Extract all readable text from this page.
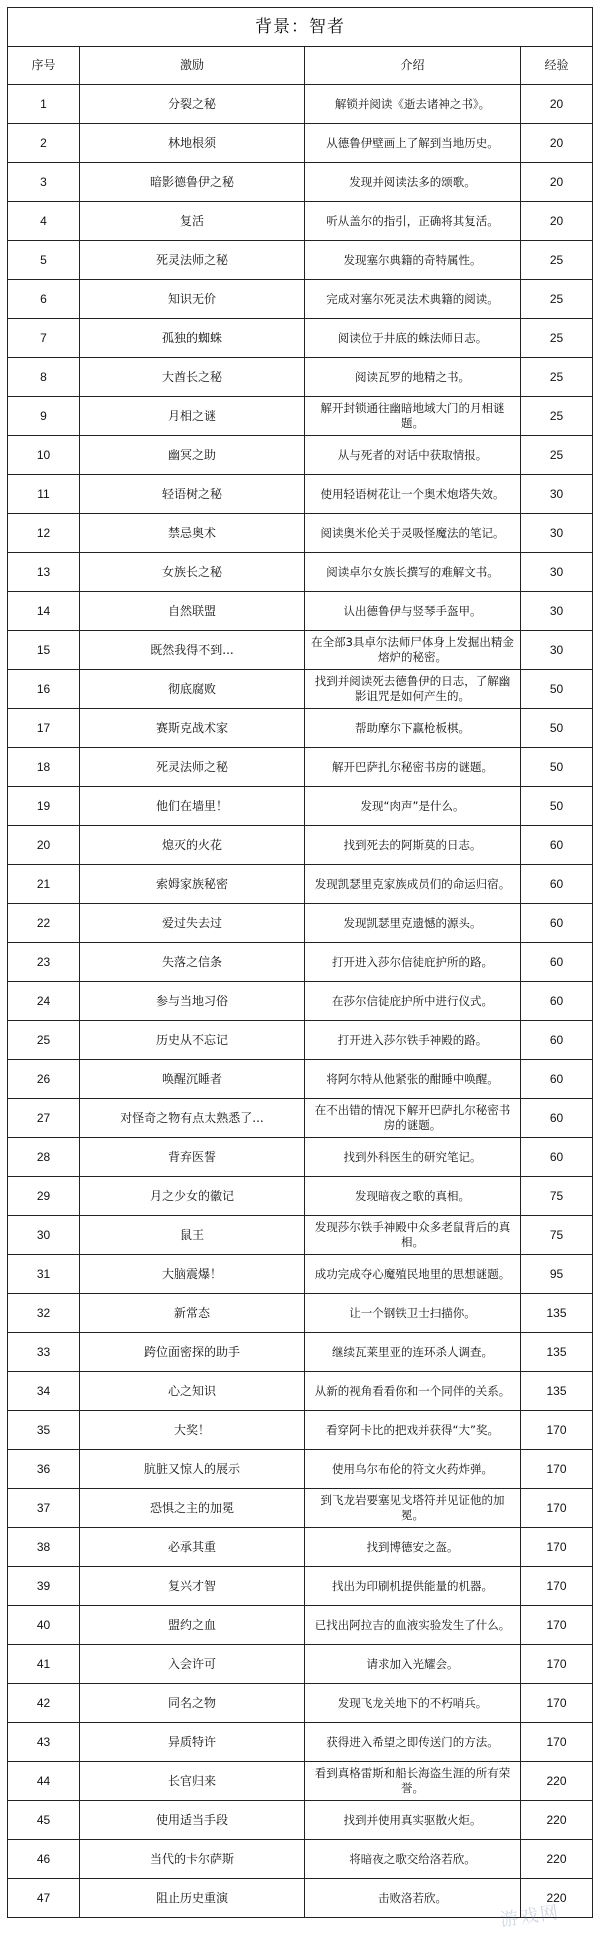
背景：智者			
序号	激励	介绍	经验
1	分裂之秘	解锁并阅读《逝去诸神之书》。	20
2	林地根须	从德鲁伊壁画上了解到当地历史。	20
3	暗影德鲁伊之秘	发现并阅读法多的颂歌。	20
4	复活	听从盖尔的指引，正确将其复活。	20
5	死灵法师之秘	发现塞尔典籍的奇特属性。	25
6	知识无价	完成对塞尔死灵法术典籍的阅读。	25
7	孤独的蜘蛛	阅读位于井底的蛛法师日志。	25
8	大酋长之秘	阅读瓦罗的地精之书。	25
9	月相之谜	解开封锁通往幽暗地域大门的月相谜题。	25
10	幽冥之助	从与死者的对话中获取情报。	25
11	轻语树之秘	使用轻语树花让一个奥术炮塔失效。	30
12	禁忌奥术	阅读奥米伦关于灵吸怪魔法的笔记。	30
13	女族长之秘	阅读卓尔女族长撰写的难解文书。	30
14	自然联盟	认出德鲁伊与竖琴手盔甲。	30
15	既然我得不到...	在全部3具卓尔法师尸体身上发掘出精金熔炉的秘密。	30
16	彻底腐败	找到并阅读死去德鲁伊的日志，了解幽影诅咒是如何产生的。	50
17	赛斯克战术家	帮助摩尔下赢枪板棋。	50
18	死灵法师之秘	解开巴萨扎尔秘密书房的谜题。	50
19	他们在墙里！	发现“肉声”是什么。	50
20	熄灭的火花	找到死去的阿斯莫的日志。	60
21	索姆家族秘密	发现凯瑟里克家族成员们的命运归宿。	60
22	爱过失去过	发现凯瑟里克遗憾的源头。	60
23	失落之信条	打开进入莎尔信徒庇护所的路。	60
24	参与当地习俗	在莎尔信徒庇护所中进行仪式。	60
25	历史从不忘记	打开进入莎尔铁手神殿的路。	60
26	唤醒沉睡者	将阿尔特从他紧张的酣睡中唤醒。	60
27	对怪奇之物有点太熟悉了...	在不出错的情况下解开巴萨扎尔秘密书房的谜题。	60
28	背弃医誓	找到外科医生的研究笔记。	60
29	月之少女的徽记	发现暗夜之歌的真相。	75
30	鼠王	发现莎尔铁手神殿中众多老鼠背后的真相。	75
31	大脑震爆！	成功完成夺心魔殖民地里的思想谜题。	95
32	新常态	让一个钢铁卫士扫描你。	135
33	跨位面密探的助手	继续瓦莱里亚的连环杀人调查。	135
34	心之知识	从新的视角看看你和一个同伴的关系。	135
35	大奖！	看穿阿卡比的把戏并获得“大”奖。	170
36	肮脏又惊人的展示	使用乌尔布伦的符文火药炸弹。	170
37	恐惧之主的加冕	到飞龙岩要塞见戈塔符并见证他的加冕。	170
38	必承其重	找到博德安之盔。	170
39	复兴才智	找出为印刷机提供能量的机器。	170
40	盟约之血	已找出阿拉吉的血液实验发生了什么。	170
41	入会许可	请求加入光耀会。	170
42	同名之物	发现飞龙关地下的不朽哨兵。	170
43	异质特许	获得进入希望之即传送门的方法。	170
44	长官归来	看到真格雷斯和船长海盗生涯的所有荣誉。	220
45	使用适当手段	找到并使用真实驱散火炬。	220
46	当代的卡尔萨斯	将暗夜之歌交给洛若欣。	220
47	阻止历史重演	击败洛若欣。	220
游戏网
